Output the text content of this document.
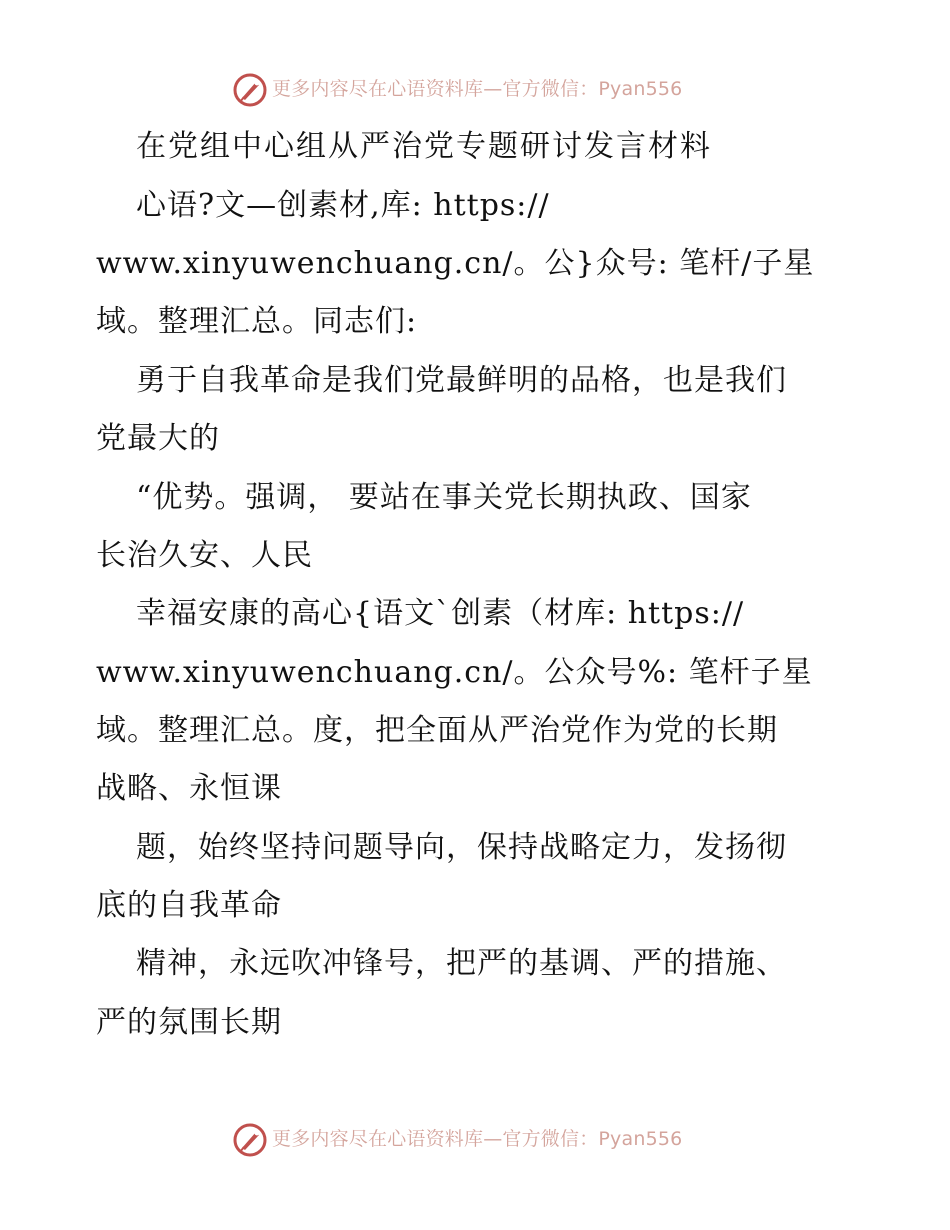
更多内容尽在心语资料库—官方微信：Pyan556
在党组中心组从严治党专题研讨发言材料
心语?文—创素材,库: https://
www.xinyuwenchuang.cn/。公}众号: 笔杆/子星
域。整理汇总。同志们:
勇于自我革命是我们党最鲜明的品格，也是我们
党最大的
“优势。强调， 要站在事关党长期执政、国家
长治久安、人民
幸福安康的高心{语文`创素（材库: https://
www.xinyuwenchuang.cn/。公众号%: 笔杆子星
域。整理汇总。度，把全面从严治党作为党的长期
战略、永恒课
题，始终坚持问题导向，保持战略定力，发扬彻
底的自我革命
精神，永远吹冲锋号，把严的基调、严的措施、
严的氛围长期
更多内容尽在心语资料库—官方微信：Pyan556
